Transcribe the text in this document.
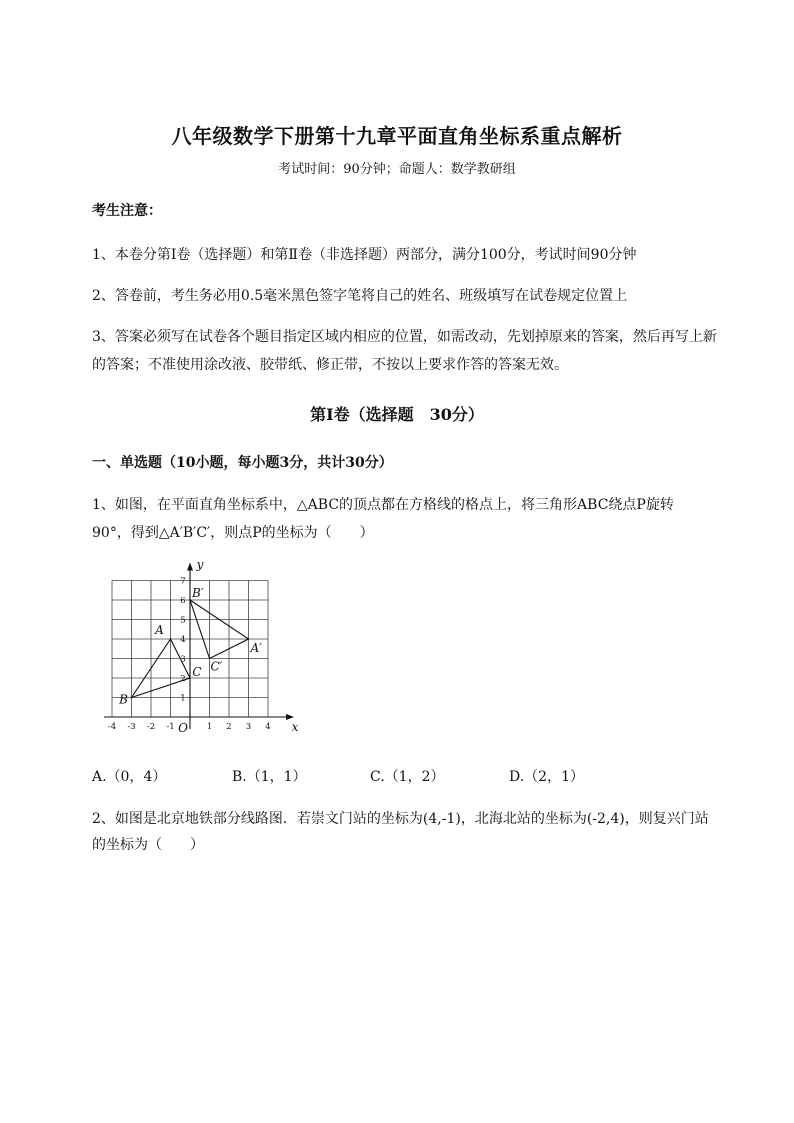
八年级数学下册第十九章平面直角坐标系重点解析
考试时间：90分钟；命题人：数学教研组
考生注意：
1、本卷分第I卷（选择题）和第Ⅱ卷（非选择题）两部分，满分100分，考试时间90分钟
2、答卷前，考生务必用0.5毫米黑色签字笔将自己的姓名、班级填写在试卷规定位置上
3、答案必须写在试卷各个题目指定区域内相应的位置，如需改动，先划掉原来的答案，然后再写上新
的答案；不准使用涂改液、胶带纸、修正带，不按以上要求作答的答案无效。
第I卷（选择题　30分）
一、单选题（10小题，每小题3分，共计30分）
1、如图，在平面直角坐标系中，△ABC的顶点都在方格线的格点上，将三角形ABC绕点P旋转
90°，得到△A′B′C′，则点P的坐标为（　　）
-4 -3 -2 -1	1 2 3 4
1
2
3
4
5
6
7
x
y
O
A
B
C
A′
B′
C′
A.（0，4）	B.（1，1）	C.（1，2）	D.（2，1）
2、如图是北京地铁部分线路图．若崇文门站的坐标为(4,-1)，北海北站的坐标为(-2,4)，则复兴门站
的坐标为（　　）
